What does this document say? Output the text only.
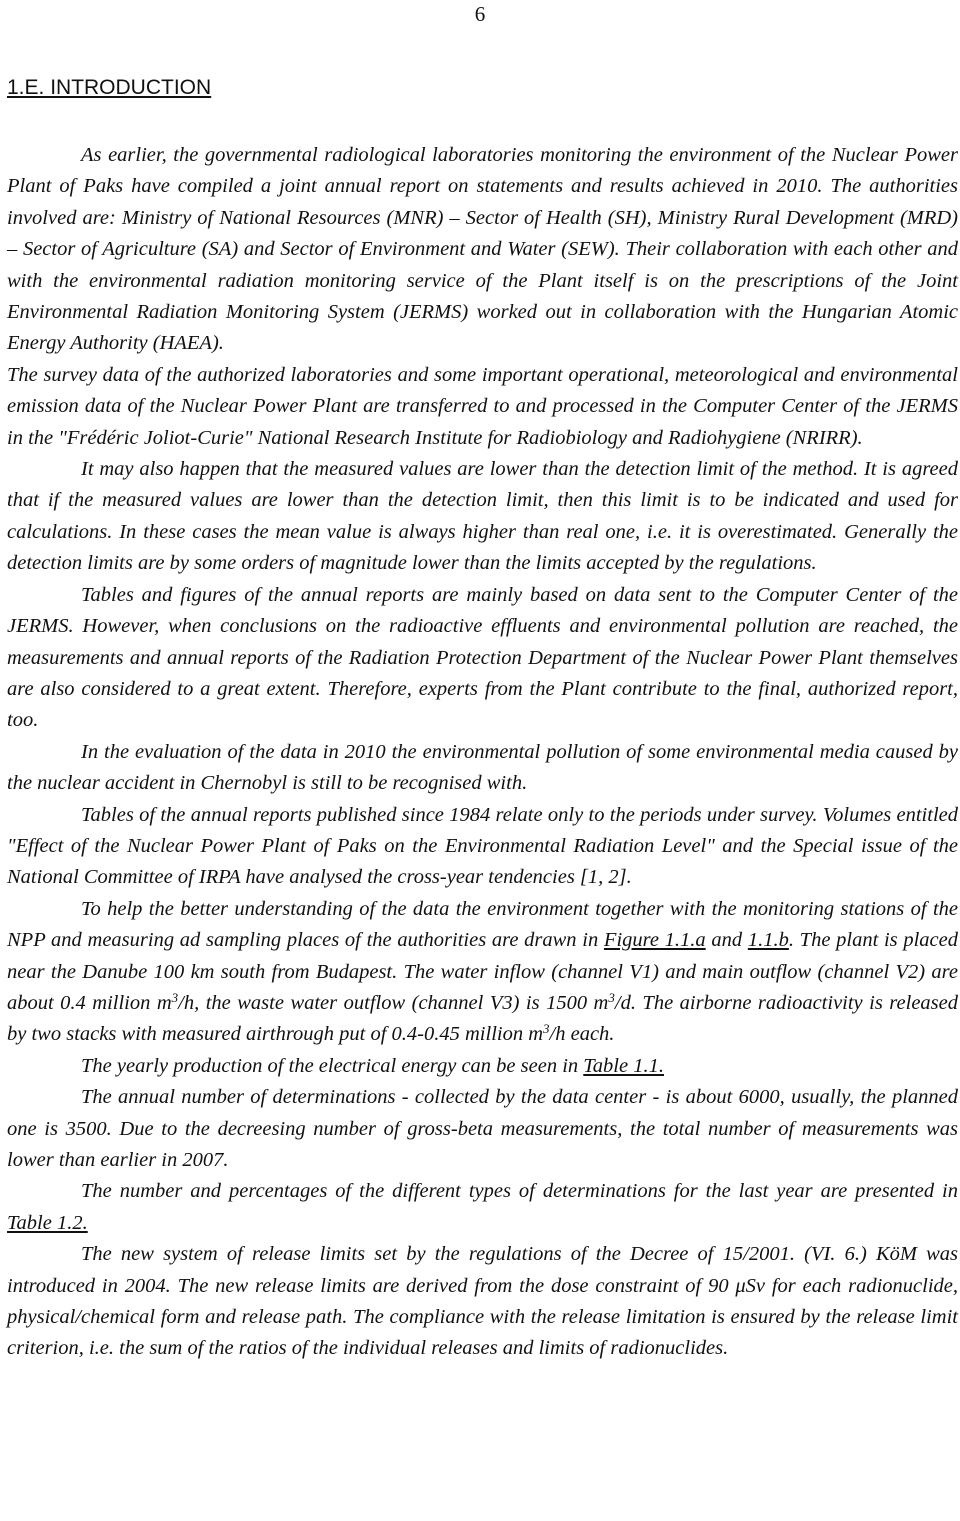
6
1.E. INTRODUCTION

As earlier, the governmental radiological laboratories monitoring the environment of the Nuclear Power Plant of Paks have compiled a joint annual report on statements and results achieved in 2010. The authorities involved are: Ministry of National Resources (MNR) – Sector of Health (SH), Ministry Rural Development (MRD) – Sector of Agriculture (SA) and Sector of Environment and Water (SEW). Their collaboration with each other and with the environmental radiation monitoring service of the Plant itself is on the prescriptions of the Joint Environmental Radiation Monitoring System (JERMS) worked out in collaboration with the Hungarian Atomic Energy Authority (HAEA).

The survey data of the authorized laboratories and some important operational, meteorological and environmental emission data of the Nuclear Power Plant are transferred to and processed in the Computer Center of the JERMS in the "Frédéric Joliot-Curie" National Research Institute for Radiobiology and Radiohygiene (NRIRR).

It may also happen that the measured values are lower than the detection limit of the method. It is agreed that if the measured values are lower than the detection limit, then this limit is to be indicated and used for calculations. In these cases the mean value is always higher than real one, i.e. it is overestimated. Generally the detection limits are by some orders of magnitude lower than the limits accepted by the regulations.

Tables and figures of the annual reports are mainly based on data sent to the Computer Center of the JERMS. However, when conclusions on the radioactive effluents and environmental pollution are reached, the measurements and annual reports of the Radiation Protection Department of the Nuclear Power Plant themselves are also considered to a great extent. Therefore, experts from the Plant contribute to the final, authorized report, too.

In the evaluation of the data in 2010 the environmental pollution of some environmental media caused by the nuclear accident in Chernobyl is still to be recognised with.

Tables of the annual reports published since 1984 relate only to the periods under survey. Volumes entitled "Effect of the Nuclear Power Plant of Paks on the Environmental Radiation Level" and the Special issue of the National Committee of IRPA have analysed the cross-year tendencies [1, 2].

To help the better understanding of the data the environment together with the monitoring stations of the NPP and measuring ad sampling places of the authorities are drawn in Figure 1.1.a and 1.1.b. The plant is placed near the Danube 100 km south from Budapest. The water inflow (channel V1) and main outflow (channel V2) are about 0.4 million $m^3/h$, the waste water outflow (channel V3) is 1500 $m^3/d$. The airborne radioactivity is released by two stacks with measured airthrough put of 0.4-0.45 million $m^3/h$ each.

The yearly production of the electrical energy can be seen in Table 1.1.

The annual number of determinations - collected by the data center - is about 6000, usually, the planned one is 3500. Due to the decreesing number of gross-beta measurements, the total number of measurements was lower than earlier in 2007.

The number and percentages of the different types of determinations for the last year are presented in Table 1.2.

The new system of release limits set by the regulations of the Decree of 15/2001. (VI. 6.) KöM was introduced in 2004. The new release limits are derived from the dose constraint of 90 μSv for each radionuclide, physical/chemical form and release path. The compliance with the release limitation is ensured by the release limit criterion, i.e. the sum of the ratios of the individual releases and limits of radionuclides.
